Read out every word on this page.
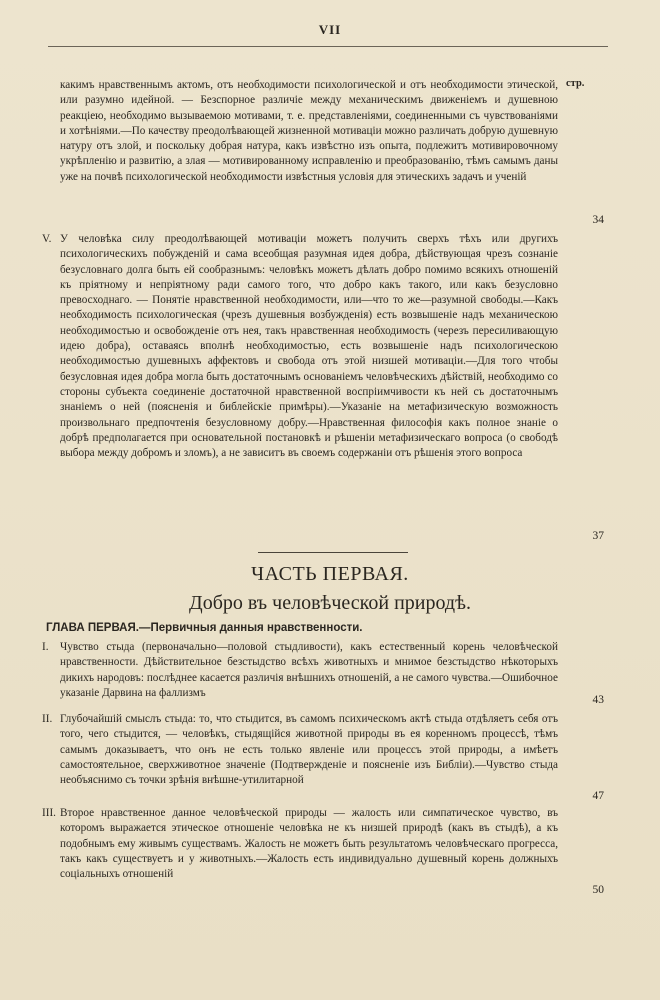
VII
стр.
какимъ нравственнымъ актомъ, отъ необходимости психологической и отъ необходимости этической, или разумно идейной. — Безспорное различіе между механическимъ движеніемъ и душевною реакціею, необходимо вызываемою мотивами, т. е. представленіями, соединенными съ чувствованіями и хотѣніями.—По качеству преодолѣвающей жизненной мотиваціи можно различать добрую душевную натуру отъ злой, и поскольку добрая натура, какъ извѣстно изъ опыта, подлежитъ мотивировочному укрѣпленію и развитію, а злая — мотивированному исправленію и преобразованію, тѣмъ самымъ даны уже на почвѣ психологической необходимости извѣстныя условія для этическихъ задачъ и ученій
34
V. У человѣка силу преодолѣвающей мотиваціи можетъ получить сверхъ тѣхъ или другихъ психологическихъ побужденій и сама всеобщая разумная идея добра, дѣйствующая чрезъ сознаніе безусловнаго долга быть ей сообразнымъ: человѣкъ можетъ дѣлать добро помимо всякихъ отношеній къ пріятному и непріятному ради самого того, что добро какъ такого, или какъ безусловно превосходнаго. — Понятіе нравственной необходимости, или—что то же—разумной свободы.—Какъ необходимость психологическая (чрезъ душевныя возбужденія) есть возвышеніе надъ механическою необходимостью и освобожденіе отъ нея, такъ нравственная необходимость (черезъ пересиливающую идею добра), оставаясь вполнѣ необходимостью, есть возвышеніе надъ психологическою необходимостью душевныхъ аффектовъ и свобода отъ этой низшей мотиваціи.—Для того чтобы безусловная идея добра могла быть достаточнымъ основаніемъ человѣческихъ дѣйствій, необходимо со стороны субъекта соединеніе достаточной нравственной воспріимчивости къ ней съ достаточнымъ знаніемъ о ней (поясненія и библейскіе примѣры).—Указаніе на метафизическую возможность произвольнаго предпочтенія безусловному добру.—Нравственная философія какъ полное знаніе о добрѣ предполагается при основательной постановкѣ и рѣшеніи метафизическаго вопроса (о свободѣ выбора между добромъ и зломъ), а не зависитъ въ своемъ содержаніи отъ рѣшенія этого вопроса
37
ЧАСТЬ ПЕРВАЯ.
Добро въ человѣческой природѣ.
ГЛАВА ПЕРВАЯ.—Первичныя данныя нравственности.
I. Чувство стыда (первоначально—половой стыдливости), какъ естественный корень человѣческой нравственности. Дѣйствительное безстыдство всѣхъ животныхъ и мнимое безстыдство нѣкоторыхъ дикихъ народовъ: послѣднее касается различія внѣшнихъ отношеній, а не самого чувства.—Ошибочное указаніе Дарвина на фаллизмъ
43
II. Глубочайшій смыслъ стыда: то, что стыдится, въ самомъ психическомъ актѣ стыда отдѣляетъ себя отъ того, чего стыдится, — человѣкъ, стыдящійся животной природы въ ея коренномъ процессѣ, тѣмъ самымъ доказываетъ, что онъ не есть только явленіе или процессъ этой природы, а имѣетъ самостоятельное, сверхживотное значеніе (Подтвержденіе и поясненіе изъ Библіи).—Чувство стыда необъяснимо съ точки зрѣнія внѣшне-утилитарной
47
III. Второе нравственное данное человѣческой природы — жалость или симпатическое чувство, въ которомъ выражается этическое отношеніе человѣка не къ низшей природѣ (какъ въ стыдѣ), а къ подобнымъ ему живымъ существамъ. Жалость не можетъ быть результатомъ человѣческаго прогресса, такъ какъ существуетъ и у животныхъ.—Жалость есть индивидуально душевный корень должныхъ соціальныхъ отношеній
50
